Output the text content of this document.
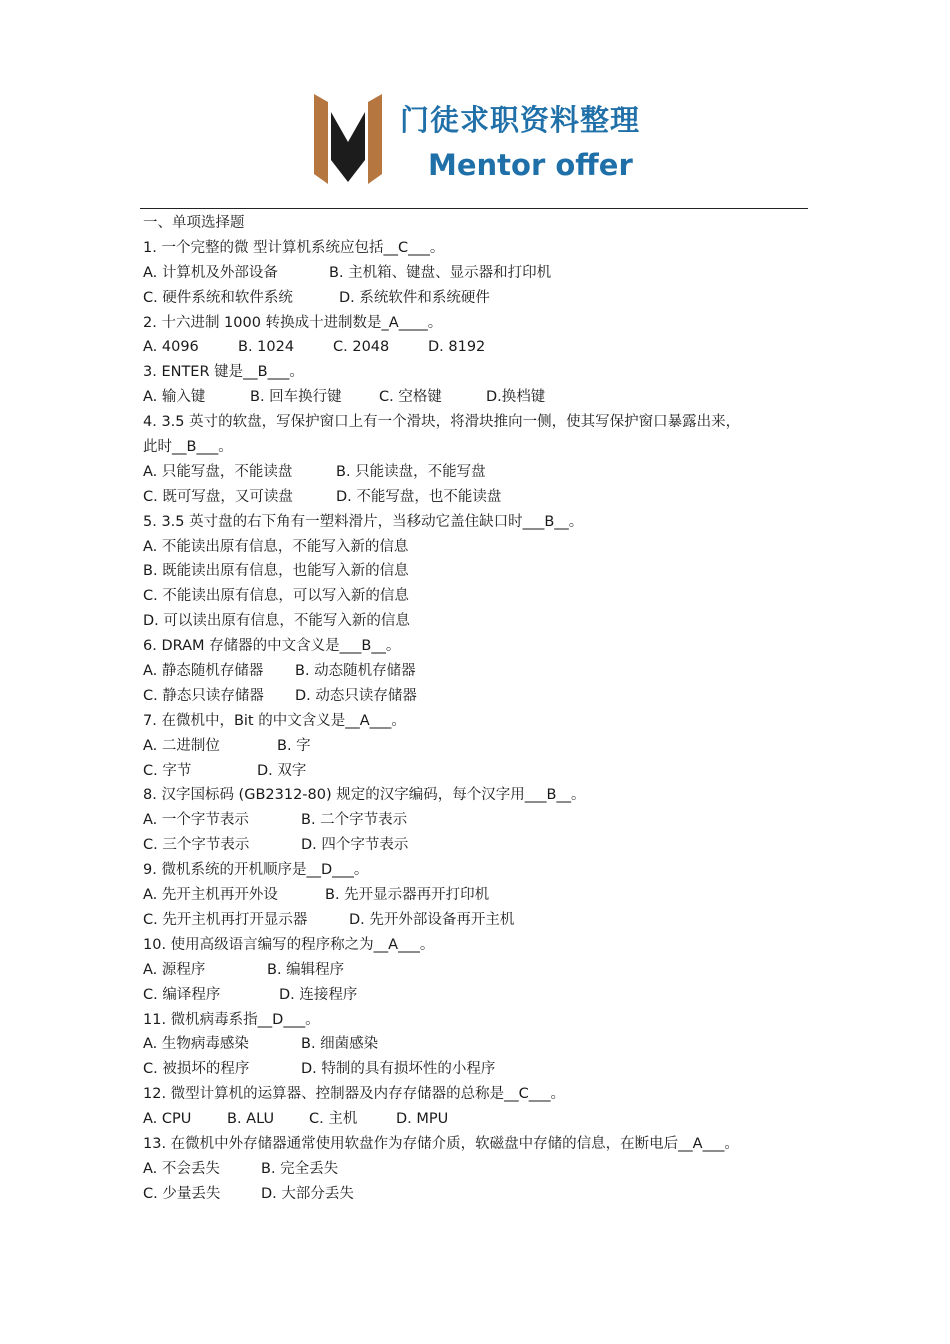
门徒求职资料整理
Mentor offer
一、单项选择题
1. 一个完整的微 型计算机系统应包括__C___。
A. 计算机及外部设备	B. 主机箱、键盘、显示器和打印机
C. 硬件系统和软件系统	D. 系统软件和系统硬件
2. 十六进制 1000 转换成十进制数是_A____。
A. 4096	B. 1024	C. 2048	D. 8192
3. ENTER 键是__B___。
A. 输入键	B. 回车换行键	C. 空格键	D.换档键
4. 3.5 英寸的软盘，写保护窗口上有一个滑块，将滑块推向一侧，使其写保护窗口暴露出来，
此时__B___。
A. 只能写盘，不能读盘	B. 只能读盘，不能写盘
C. 既可写盘，又可读盘	D. 不能写盘，也不能读盘
5. 3.5 英寸盘的右下角有一塑料滑片，当移动它盖住缺口时___B__。
A. 不能读出原有信息，不能写入新的信息
B. 既能读出原有信息，也能写入新的信息
C. 不能读出原有信息，可以写入新的信息
D. 可以读出原有信息，不能写入新的信息
6. DRAM 存储器的中文含义是___B__。
A. 静态随机存储器 B. 动态随机存储器
C. 静态只读存储器 D. 动态只读存储器
7. 在微机中，Bit 的中文含义是__A___。
A. 二进制位	B. 字
C. 字节	D. 双字
8. 汉字国标码 (GB2312-80) 规定的汉字编码，每个汉字用___B__。
A. 一个字节表示	B. 二个字节表示
C. 三个字节表示	D. 四个字节表示
9. 微机系统的开机顺序是__D___。
A. 先开主机再开外设	B. 先开显示器再开打印机
C. 先开主机再打开显示器	D. 先开外部设备再开主机
10. 使用高级语言编写的程序称之为__A___。
A. 源程序	B. 编辑程序
C. 编译程序	D. 连接程序
11. 微机病毒系指__D___。
A. 生物病毒感染	B. 细菌感染
C. 被损坏的程序	D. 特制的具有损坏性的小程序
12. 微型计算机的运算器、控制器及内存存储器的总称是__C___。
A. CPU B. ALU C. 主机	D. MPU
13. 在微机中外存储器通常使用软盘作为存储介质，软磁盘中存储的信息，在断电后__A___。
A. 不会丢失	B. 完全丢失
C. 少量丢失	D. 大部分丢失
